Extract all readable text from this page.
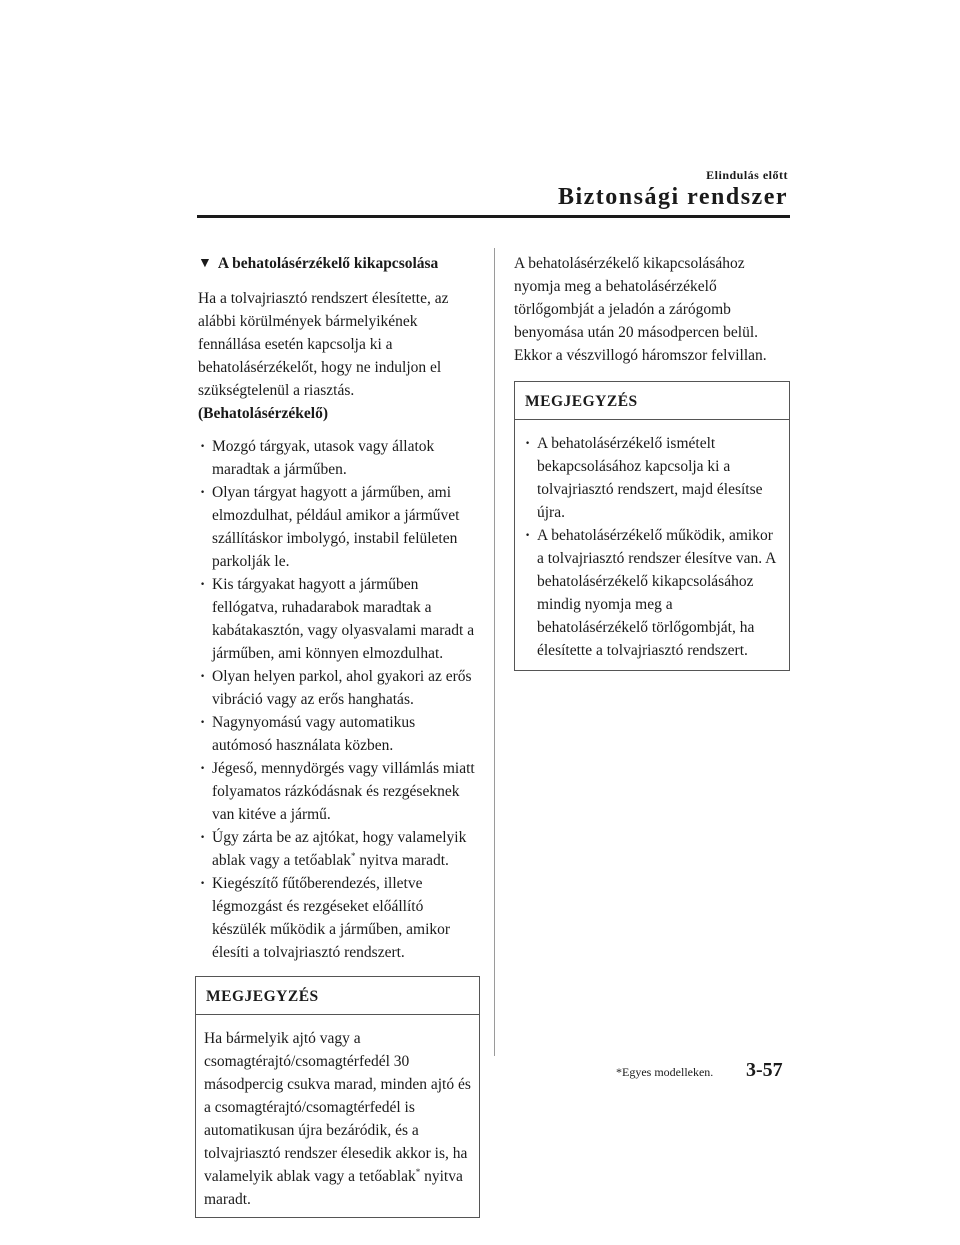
Elindulás előtt
Biztonsági rendszer
▼ A behatolásérzékelő kikapcsolása

Ha a tolvajriasztó rendszert élesítette, az alábbi körülmények bármelyikének fennállása esetén kapcsolja ki a behatolásérzékelőt, hogy ne induljon el szükségtelenül a riasztás.

(Behatolásérzékelő)
· Mozgó tárgyak, utasok vagy állatok maradtak a járműben.
· Olyan tárgyat hagyott a járműben, ami elmozdulhat, például amikor a járművet szállításkor imbolygó, instabil felületen parkolják le.
· Kis tárgyakat hagyott a járműben fellógatva, ruhadarabok maradtak a kabátakasztón, vagy olyasvalami maradt a járműben, ami könnyen elmozdulhat.
· Olyan helyen parkol, ahol gyakori az erős vibráció vagy az erős hanghatás.
· Nagynyomású vagy automatikus autómosó használata közben.
· Jégeső, mennydörgés vagy villámlás miatt folyamatos rázkódásnak és rezgéseknek van kitéve a jármű.
· Úgy zárta be az ajtókat, hogy valamelyik ablak vagy a tetőablak* nyitva maradt.
· Kiegészítő fűtőberendezés, illetve légmozgást és rezgéseket előállító készülék működik a járműben, amikor élesíti a tolvajriasztó rendszert.
MEGJEGYZÉS
Ha bármelyik ajtó vagy a csomagtérajtó/csomagtérfedél 30 másodpercig csukva marad, minden ajtó és a csomagtérajtó/csomagtérfedél is automatikusan újra bezáródik, és a tolvajriasztó rendszer élesedik akkor is, ha valamelyik ablak vagy a tetőablak* nyitva maradt.

A behatolásérzékelő kikapcsolásához nyomja meg a behatolásérzékelő törlőgombját a jeladón a zárógomb benyomása után 20 másodpercen belül. Ekkor a vészvillogó háromszor felvillan.

MEGJEGYZÉS
· A behatolásérzékelő ismételt bekapcsolásához kapcsolja ki a tolvajriasztó rendszert, majd élesítse újra.
· A behatolásérzékelő működik, amikor a tolvajriasztó rendszer élesítve van. A behatolásérzékelő kikapcsolásához mindig nyomja meg a behatolásérzékelő törlőgombját, ha élesítette a tolvajriasztó rendszert.
*Egyes modelleken. 3-57
